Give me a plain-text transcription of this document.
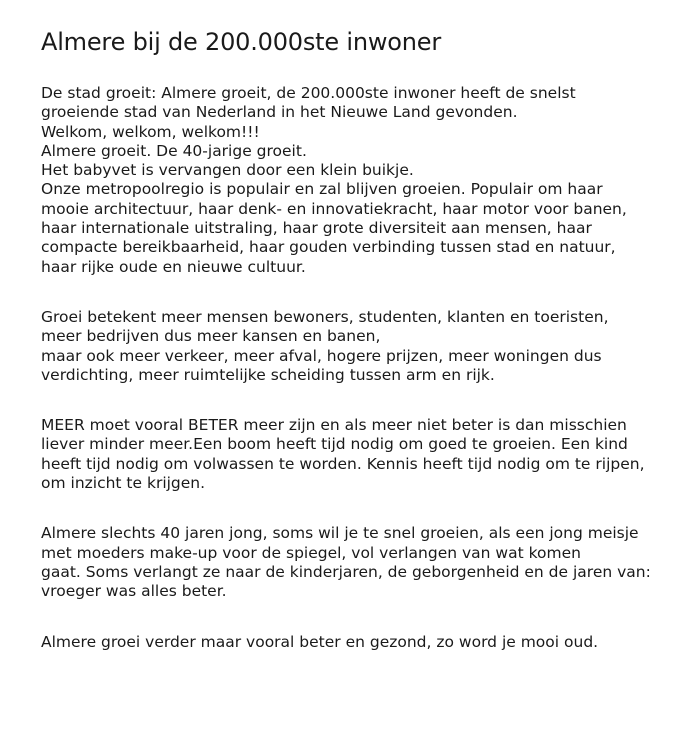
Almere bij de 200.000ste inwoner

De stad groeit: Almere groeit, de 200.000ste inwoner heeft de snelst
groeiende stad van Nederland in het Nieuwe Land gevonden.
Welkom, welkom, welkom!!!
Almere groeit. De 40-jarige groeit.
Het babyvet is vervangen door een klein buikje.
Onze metropoolregio is populair en zal blijven groeien. Populair om haar
mooie architectuur, haar denk- en innovatiekracht, haar motor voor banen,
haar internationale uitstraling, haar grote diversiteit aan mensen, haar
compacte bereikbaarheid, haar gouden verbinding tussen stad en natuur,
haar rijke oude en nieuwe cultuur.

Groei betekent meer mensen bewoners, studenten, klanten en toeristen,
meer bedrijven dus meer kansen en banen,
maar ook meer verkeer, meer afval, hogere prijzen, meer woningen dus
verdichting, meer ruimtelijke scheiding tussen arm en rijk.

MEER moet vooral BETER meer zijn en als meer niet beter is dan misschien
liever minder meer.Een boom heeft tijd nodig om goed te groeien. Een kind
heeft tijd nodig om volwassen te worden. Kennis heeft tijd nodig om te rijpen,
om inzicht te krijgen.

Almere slechts 40 jaren jong, soms wil je te snel groeien, als een jong meisje
met moeders make-up voor de spiegel, vol verlangen van wat komen
gaat. Soms verlangt ze naar de kinderjaren, de geborgenheid en de jaren van:
vroeger was alles beter.

Almere groei verder maar vooral beter en gezond, zo word je mooi oud.
